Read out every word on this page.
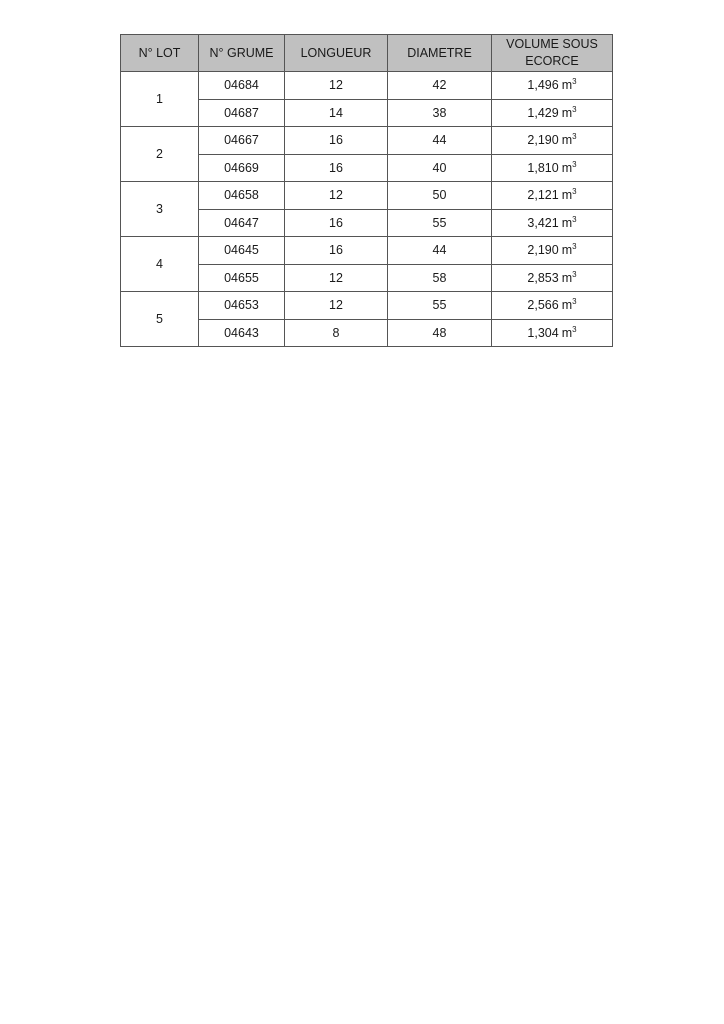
N° LOT	N° GRUME	LONGUEUR	DIAMETRE	VOLUME SOUS ECORCE
1	04684	12	42	1,496 $m^3$
	04687	14	38	1,429 $m^3$
2	04667	16	44	2,190 $m^3$
	04669	16	40	1,810 $m^3$
3	04658	12	50	2,121 $m^3$
	04647	16	55	3,421 $m^3$
4	04645	16	44	2,190 $m^3$
	04655	12	58	2,853 $m^3$
5	04653	12	55	2,566 $m^3$
	04643	8	48	1,304 $m^3$
